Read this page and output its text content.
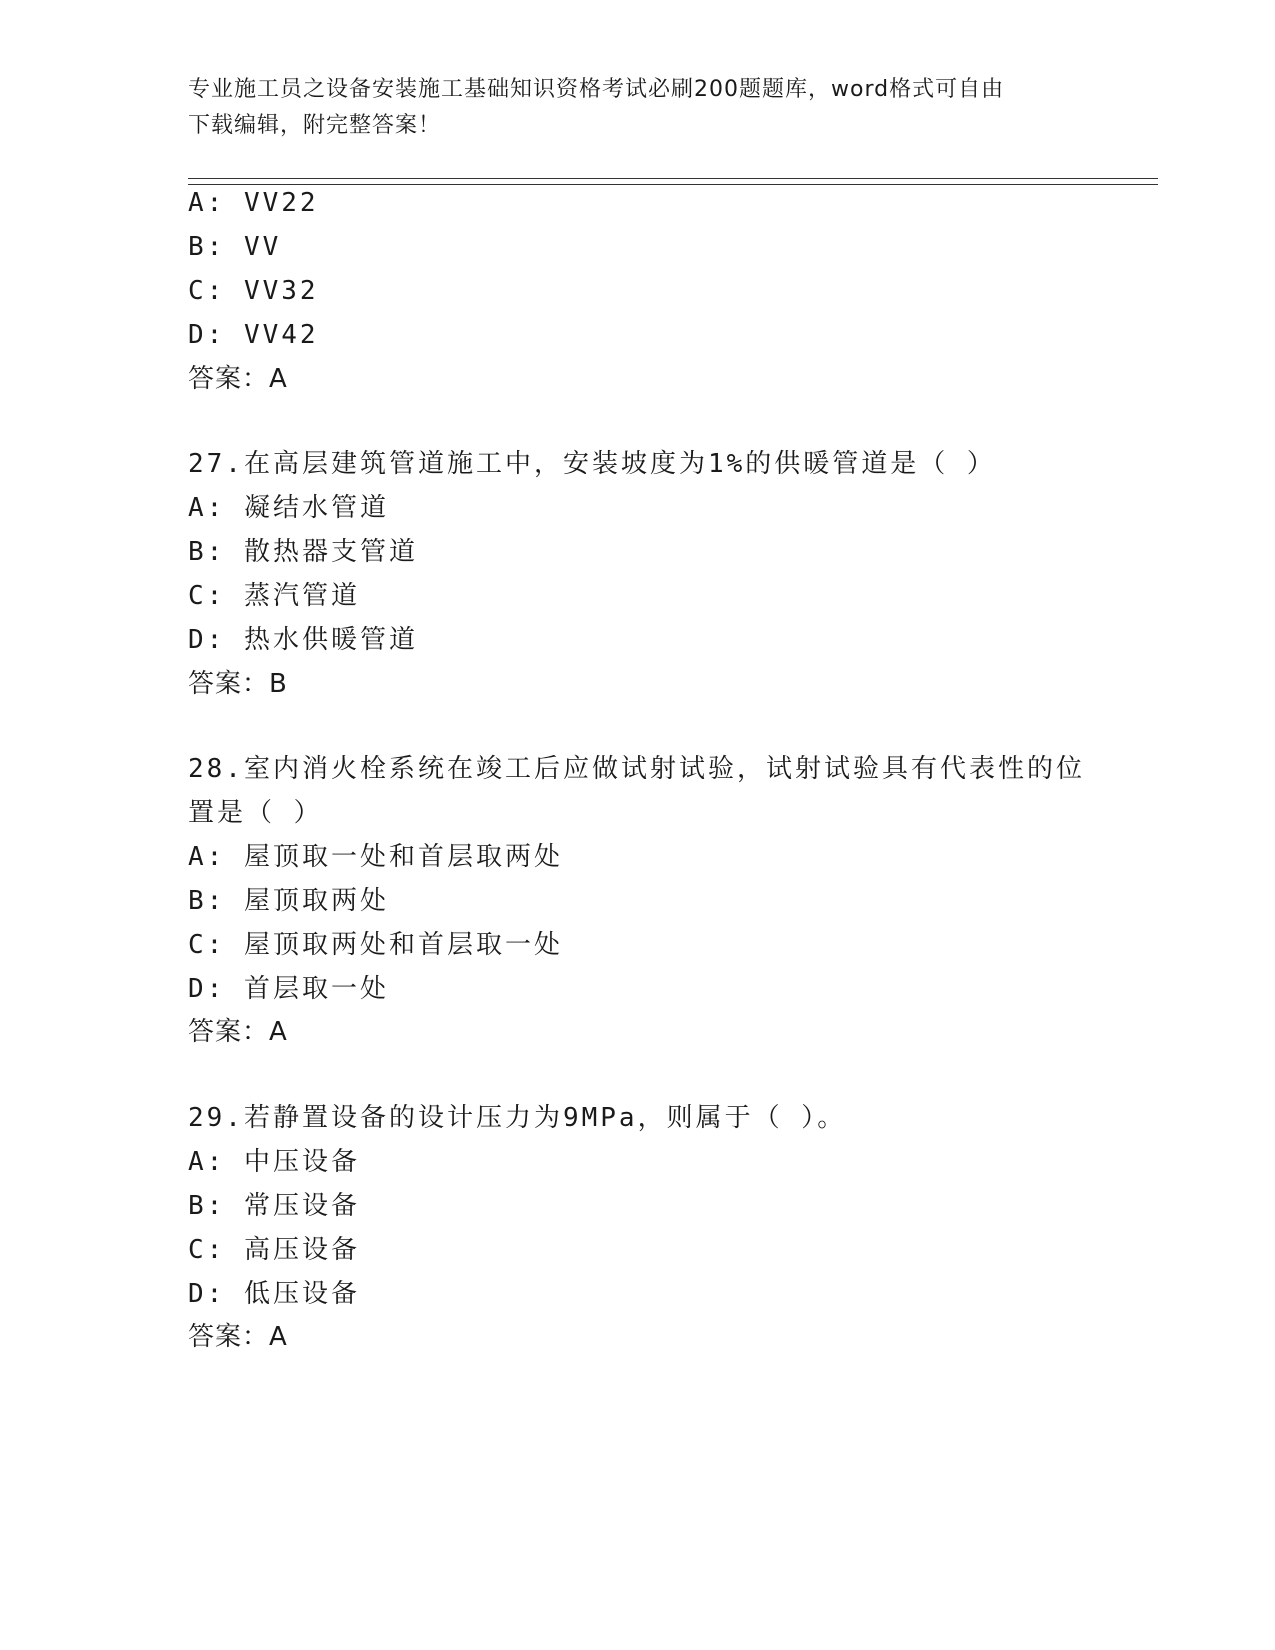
专业施工员之设备安装施工基础知识资格考试必刷200题题库，word格式可自由
下载编辑，附完整答案！
A: VV22
B: VV
C: VV32
D: VV42
答案：A
27.在高层建筑管道施工中，安装坡度为1%的供暖管道是（ ）
A: 凝结水管道
B: 散热器支管道
C: 蒸汽管道
D: 热水供暖管道
答案：B
28.室内消火栓系统在竣工后应做试射试验，试射试验具有代表性的位
置是（ ）
A: 屋顶取一处和首层取两处
B: 屋顶取两处
C: 屋顶取两处和首层取一处
D: 首层取一处
答案：A
29.若静置设备的设计压力为9MPa，则属于（ ）。
A: 中压设备
B: 常压设备
C: 高压设备
D: 低压设备
答案：A
